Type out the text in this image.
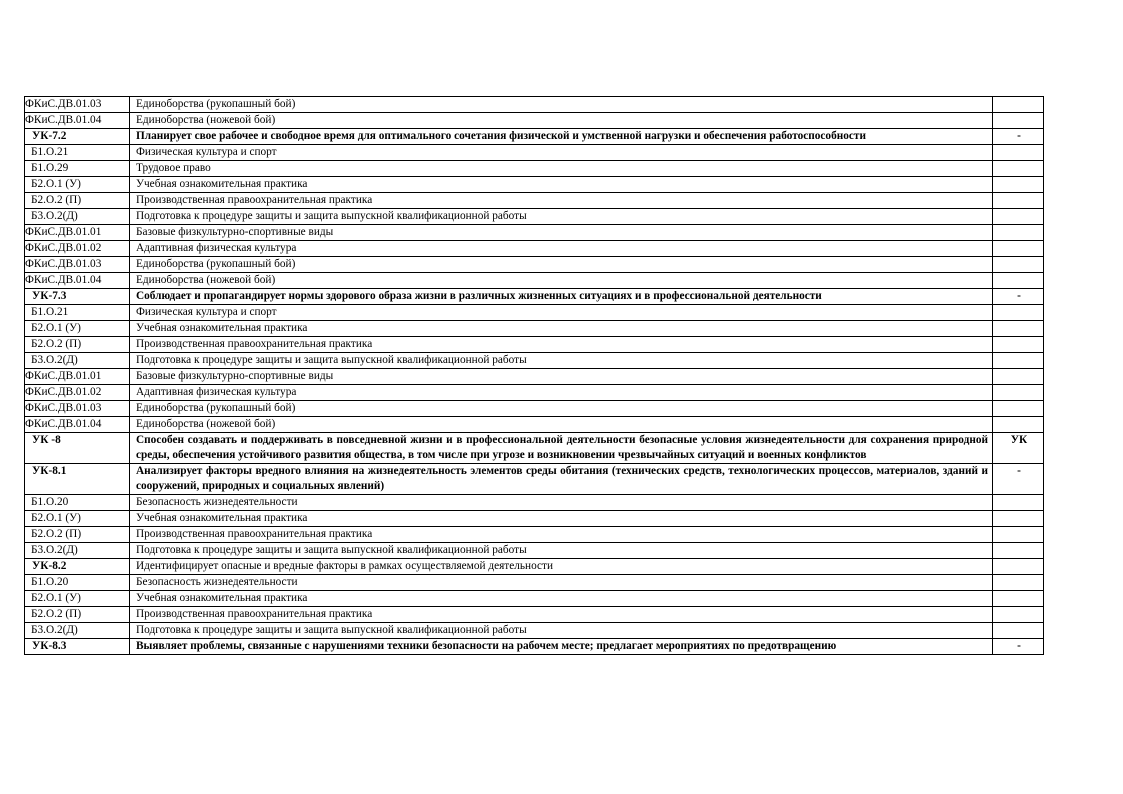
ФКиС.ДВ.01.03	Единоборства (рукопашный бой)	
ФКиС.ДВ.01.04	Единоборства (ножевой бой)	
УК-7.2	Планирует свое рабочее и свободное время для оптимального сочетания физической и умственной нагрузки и обеспечения работоспособности	-
Б1.О.21	Физическая культура и спорт	
Б1.О.29	Трудовое право	
Б2.О.1 (У)	Учебная ознакомительная практика	
Б2.О.2 (П)	Производственная правоохранительная практика	
Б3.О.2(Д)	Подготовка к процедуре защиты и защита выпускной квалификационной работы	
ФКиС.ДВ.01.01	Базовые физкультурно-спортивные виды	
ФКиС.ДВ.01.02	Адаптивная физическая культура	
ФКиС.ДВ.01.03	Единоборства (рукопашный бой)	
ФКиС.ДВ.01.04	Единоборства (ножевой бой)	
УК-7.3	Соблюдает и пропагандирует нормы здорового образа жизни в различных жизненных ситуациях и в профессиональной деятельности	-
Б1.О.21	Физическая культура и спорт	
Б2.О.1 (У)	Учебная ознакомительная практика	
Б2.О.2 (П)	Производственная правоохранительная практика	
Б3.О.2(Д)	Подготовка к процедуре защиты и защита выпускной квалификационной работы	
ФКиС.ДВ.01.01	Базовые физкультурно-спортивные виды	
ФКиС.ДВ.01.02	Адаптивная физическая культура	
ФКиС.ДВ.01.03	Единоборства (рукопашный бой)	
ФКиС.ДВ.01.04	Единоборства (ножевой бой)	
УК -8	Способен создавать и поддерживать в повседневной жизни и в профессиональной деятельности безопасные условия жизнедеятельности для сохранения природной среды, обеспечения устойчивого развития общества, в том числе при угрозе и возникновении чрезвычайных ситуаций и военных конфликтов	УК
УК-8.1	Анализирует факторы вредного влияния на жизнедеятельность элементов среды обитания (технических средств, технологических процессов, материалов, зданий и сооружений, природных и социальных явлений)	-
Б1.О.20	Безопасность жизнедеятельности	
Б2.О.1 (У)	Учебная ознакомительная практика	
Б2.О.2 (П)	Производственная правоохранительная практика	
Б3.О.2(Д)	Подготовка к процедуре защиты и защита выпускной квалификационной работы	
УК-8.2	Идентифицирует опасные и вредные факторы в рамках осуществляемой деятельности	
Б1.О.20	Безопасность жизнедеятельности	
Б2.О.1 (У)	Учебная ознакомительная практика	
Б2.О.2 (П)	Производственная правоохранительная практика	
Б3.О.2(Д)	Подготовка к процедуре защиты и защита выпускной квалификационной работы	
УК-8.3	Выявляет проблемы, связанные с нарушениями техники безопасности на рабочем месте; предлагает мероприятиях по предотвращению	-
